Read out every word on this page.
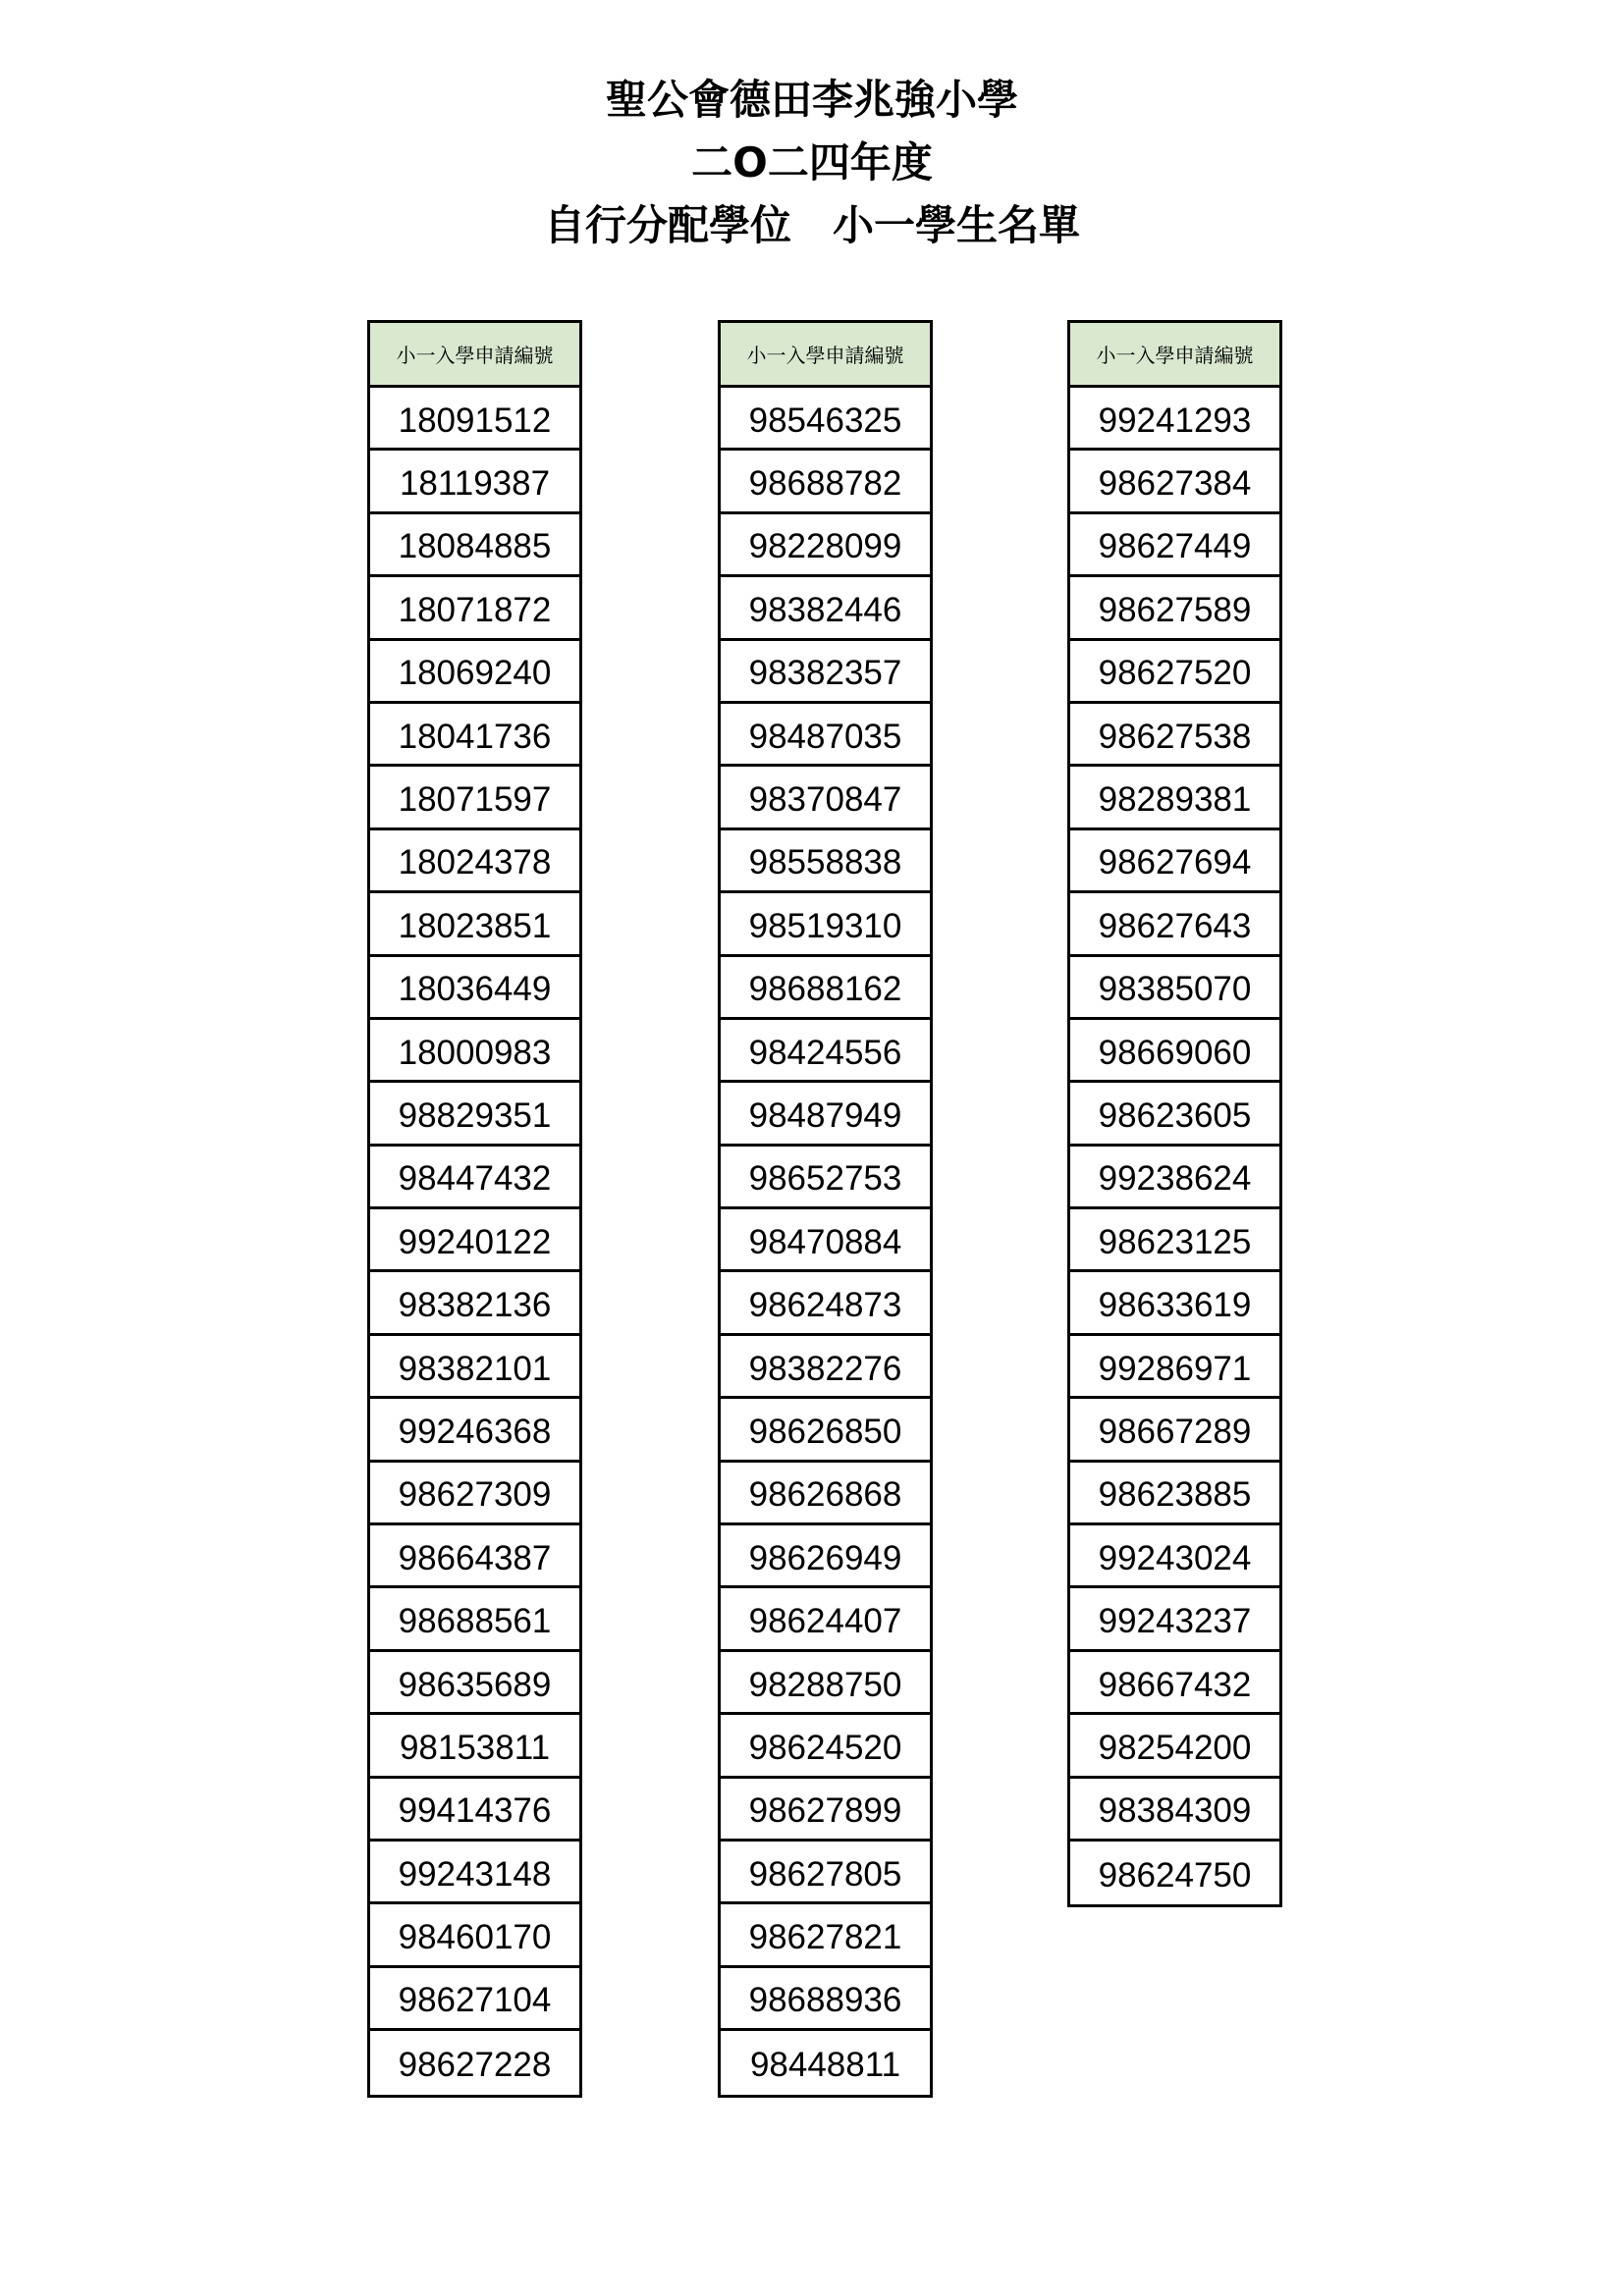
聖公會德田李兆強小學
二O二四年度
自行分配學位　小一學生名單
小一入學申請編號
18091512
18119387
18084885
18071872
18069240
18041736
18071597
18024378
18023851
18036449
18000983
98829351
98447432
99240122
98382136
98382101
99246368
98627309
98664387
98688561
98635689
98153811
99414376
99243148
98460170
98627104
98627228
小一入學申請編號
98546325
98688782
98228099
98382446
98382357
98487035
98370847
98558838
98519310
98688162
98424556
98487949
98652753
98470884
98624873
98382276
98626850
98626868
98626949
98624407
98288750
98624520
98627899
98627805
98627821
98688936
98448811
小一入學申請編號
99241293
98627384
98627449
98627589
98627520
98627538
98289381
98627694
98627643
98385070
98669060
98623605
99238624
98623125
98633619
99286971
98667289
98623885
99243024
99243237
98667432
98254200
98384309
98624750
